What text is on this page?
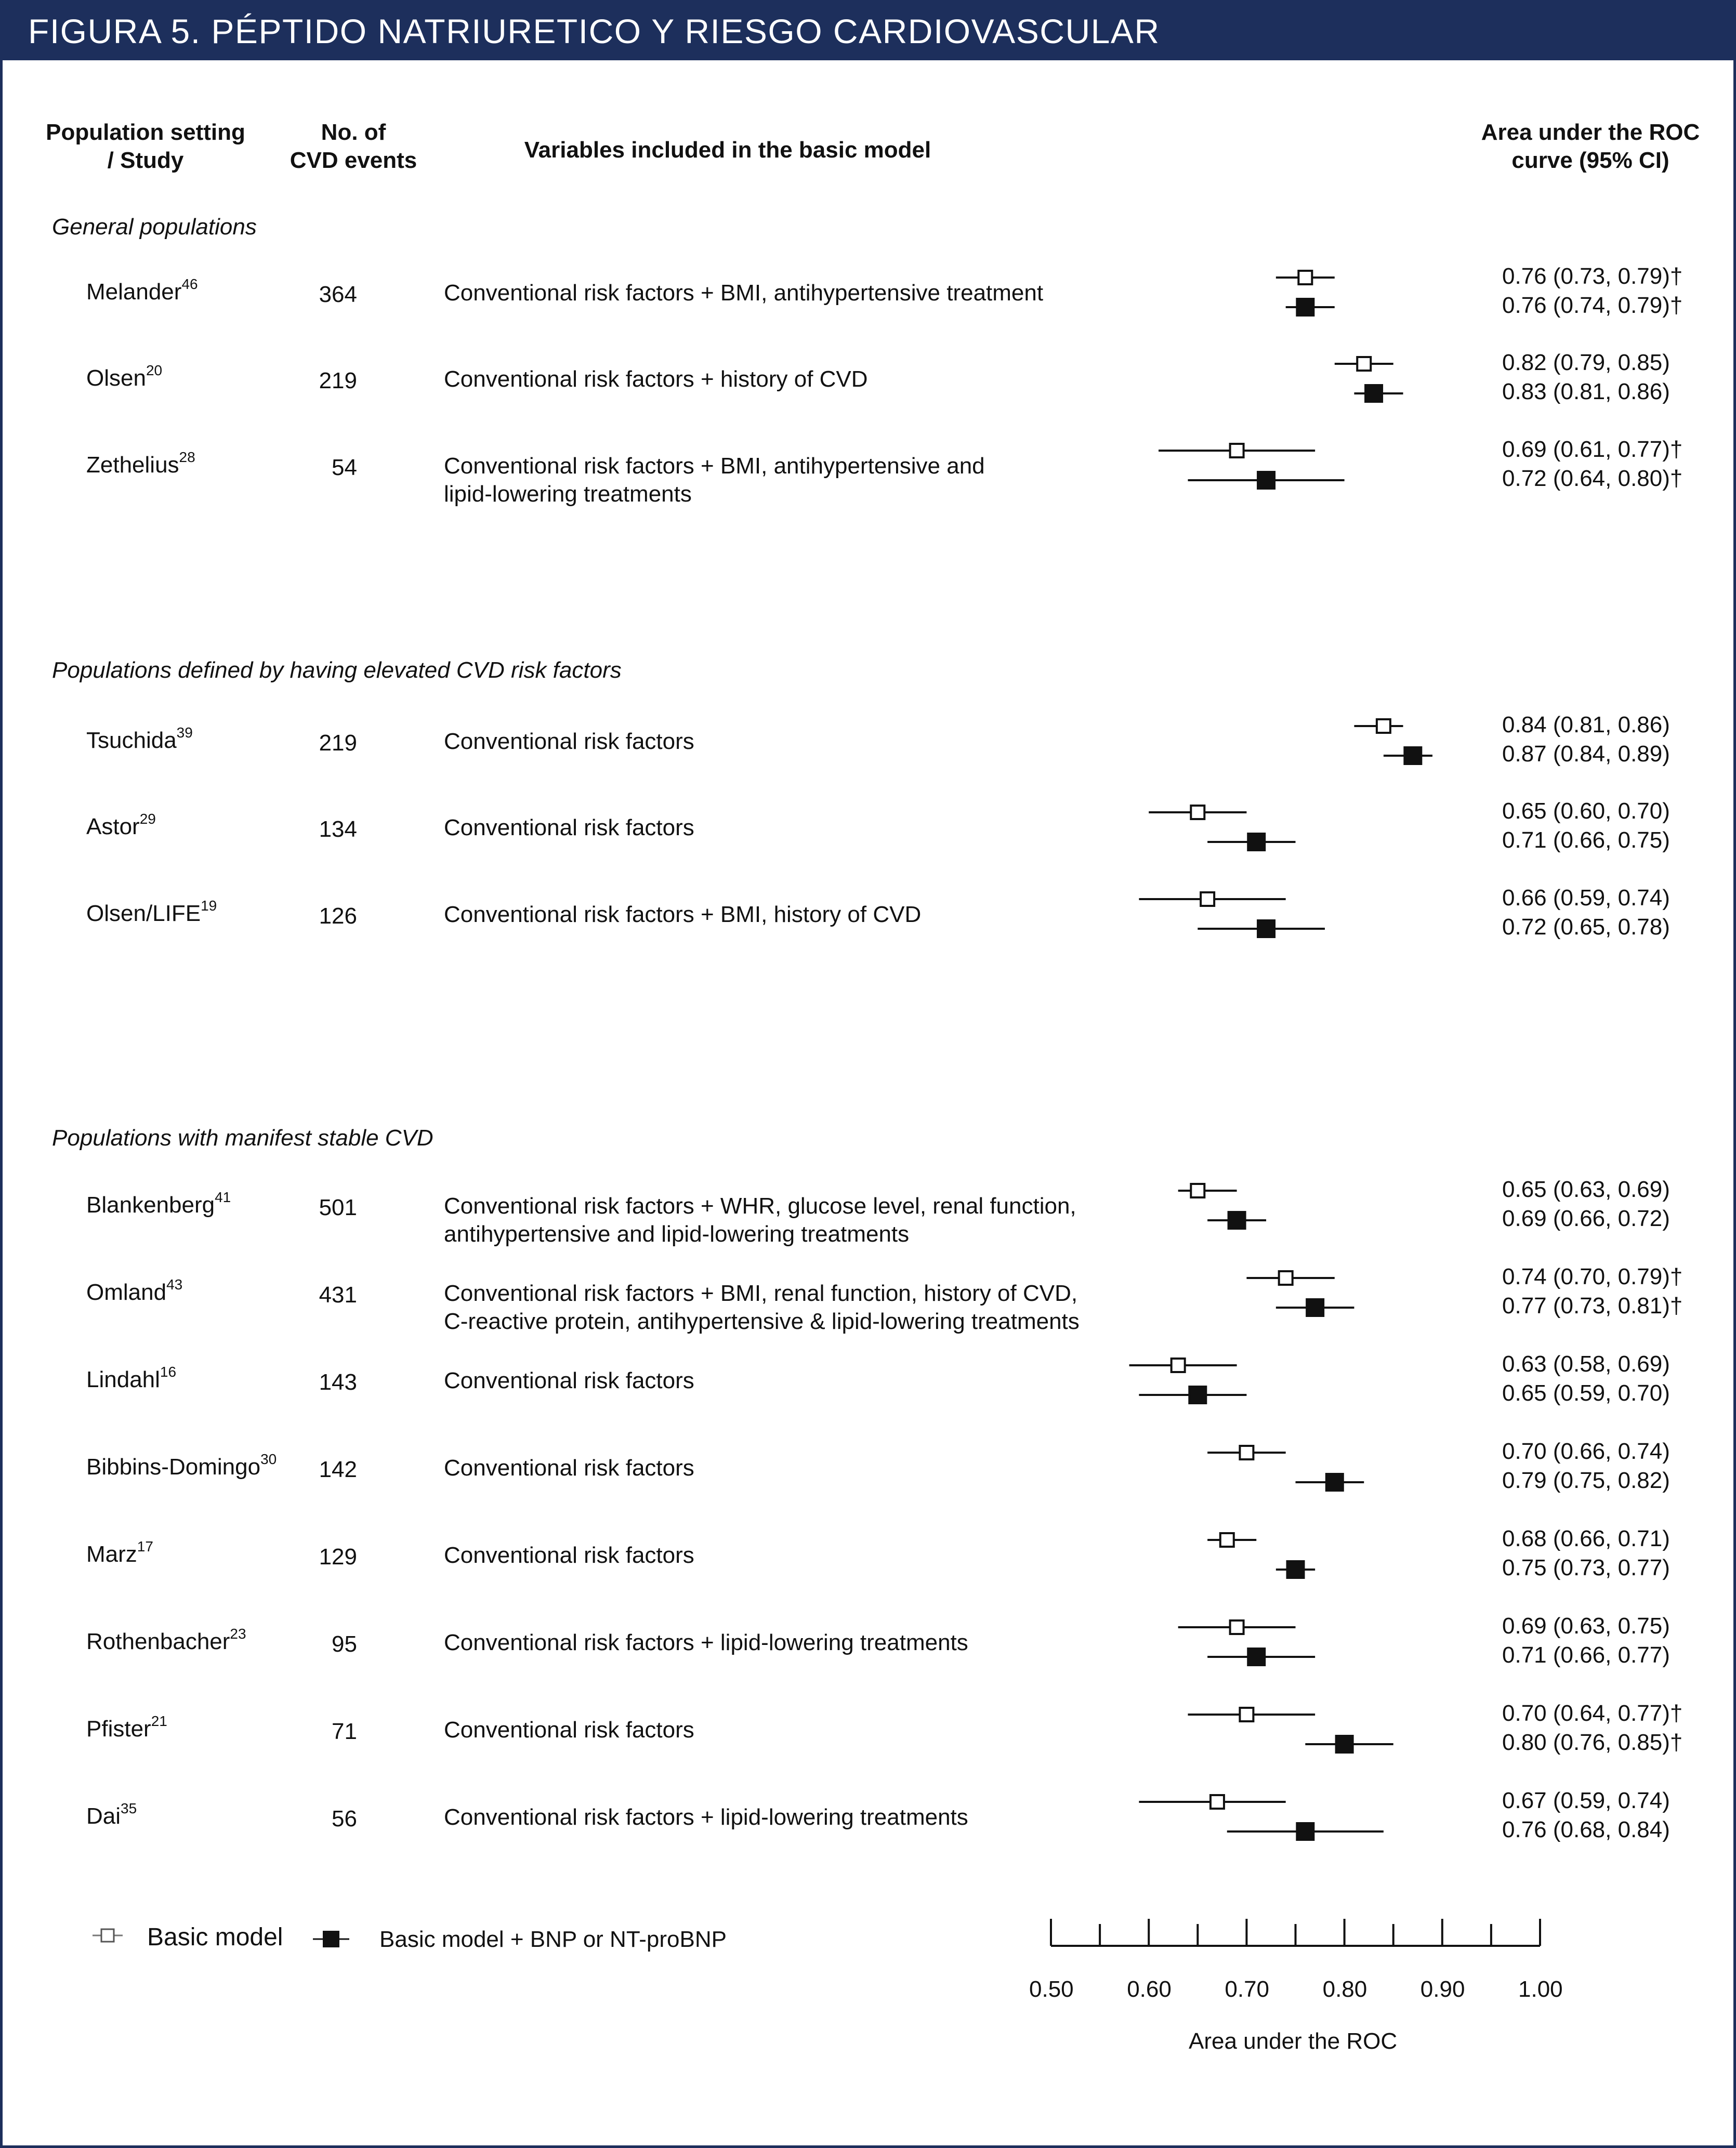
FIGURA 5. PÉPTIDO NATRIURETICO Y RIESGO CARDIOVASCULAR
Population setting
/ Study
No. of
CVD events	Variables included in the basic model
Area under the ROC
curve (95% CI)
General populations
Melander$^{46}$	364	Conventional risk factors + BMI, antihypertensive treatment
0.76 (0.73, 0.79)†
0.76 (0.74, 0.79)†
Olsen$^{20}$	219	Conventional risk factors + history of CVD
0.82 (0.79, 0.85)
0.83 (0.81, 0.86)
Zethelius$^{28}$	54	Conventional risk factors + BMI, antihypertensive and
lipid-lowering treatments
0.69 (0.61, 0.77)†
0.72 (0.64, 0.80)†
Populations defined by having elevated CVD risk factors
Tsuchida$^{39}$	219	Conventional risk factors
0.84 (0.81, 0.86)
0.87 (0.84, 0.89)
Astor$^{29}$	134	Conventional risk factors
0.65 (0.60, 0.70)
0.71 (0.66, 0.75)
Olsen/LIFE$^{19}$	126	Conventional risk factors + BMI, history of CVD
0.66 (0.59, 0.74)
0.72 (0.65, 0.78)
Populations with manifest stable CVD
Blankenberg$^{41}$	501	Conventional risk factors + WHR, glucose level, renal function,
antihypertensive and lipid-lowering treatments
0.65 (0.63, 0.69)
0.69 (0.66, 0.72)
Omland$^{43}$	431	Conventional risk factors + BMI, renal function, history of CVD,
C-reactive protein, antihypertensive & lipid-lowering treatments
0.74 (0.70, 0.79)†
0.77 (0.73, 0.81)†
Lindahl$^{16}$	143	Conventional risk factors
0.63 (0.58, 0.69)
0.65 (0.59, 0.70)
Bibbins-Domingo$^{30}$	142	Conventional risk factors
0.70 (0.66, 0.74)
0.79 (0.75, 0.82)
Marz$^{17}$	129	Conventional risk factors
0.68 (0.66, 0.71)
0.75 (0.73, 0.77)
Rothenbacher$^{23}$	95	Conventional risk factors + lipid-lowering treatments
0.69 (0.63, 0.75)
0.71 (0.66, 0.77)
Pfister$^{21}$	71	Conventional risk factors
0.70 (0.64, 0.77)†
0.80 (0.76, 0.85)†
Dai$^{35}$	56	Conventional risk factors + lipid-lowering treatments
0.67 (0.59, 0.74)
0.76 (0.68, 0.84)
0.50 0.60 0.70 0.80 0.90 1.00
Area under the ROC
Basic model	Basic model + BNP or NT-proBNP
